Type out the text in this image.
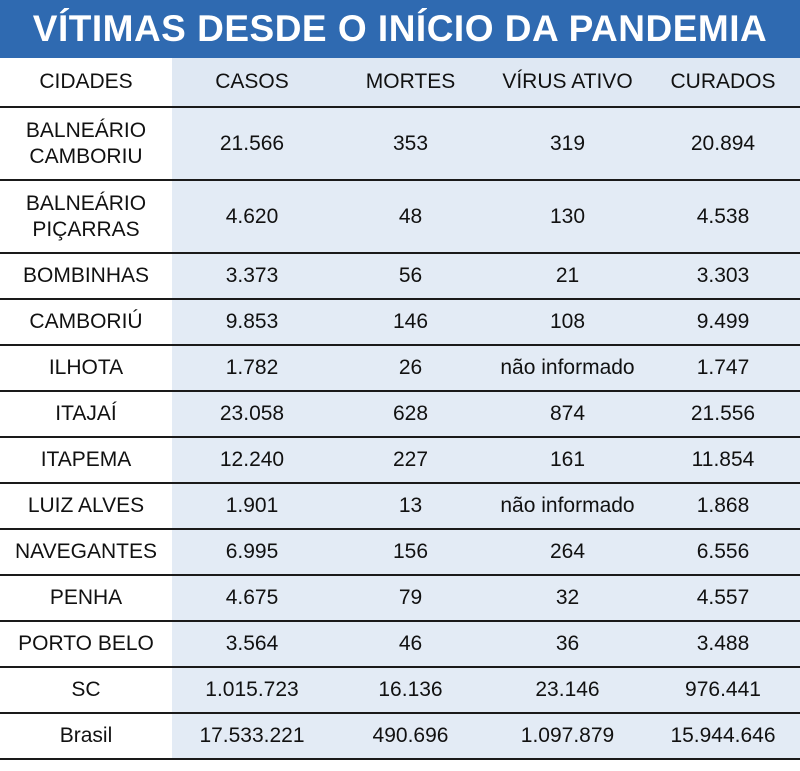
VÍTIMAS DESDE O INÍCIO DA PANDEMIA
CIDADES	CASOS	MORTES	VÍRUS ATIVO	CURADOS
BALNEÁRIO CAMBORIU	21.566	353	319	20.894
BALNEÁRIO PIÇARRAS	4.620	48	130	4.538
BOMBINHAS	3.373	56	21	3.303
CAMBORIÚ	9.853	146	108	9.499
ILHOTA	1.782	26	não informado	1.747
ITAJAÍ	23.058	628	874	21.556
ITAPEMA	12.240	227	161	11.854
LUIZ ALVES	1.901	13	não informado	1.868
NAVEGANTES	6.995	156	264	6.556
PENHA	4.675	79	32	4.557
PORTO BELO	3.564	46	36	3.488
SC	1.015.723	16.136	23.146	976.441
Brasil	17.533.221	490.696	1.097.879	15.944.646
